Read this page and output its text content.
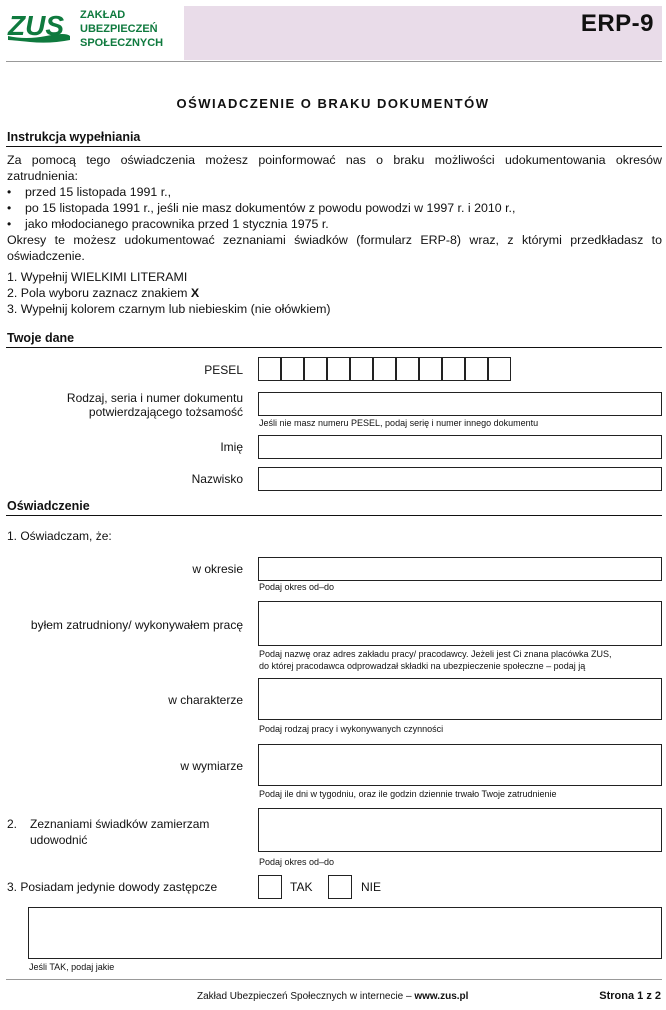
ZUS ZAKŁAD
UBEZPIECZEŃ
SPOŁECZNYCH
ERP-9
OŚWIADCZENIE O BRAKU DOKUMENTÓW
Instrukcja wypełniania
Za pomocą tego oświadczenia możesz poinformować nas o braku możliwości udokumentowania okresów
zatrudnienia:
• przed 15 listopada 1991 r.,
• po 15 listopada 1991 r., jeśli nie masz dokumentów z powodu powodzi w 1997 r. i 2010 r.,
• jako młodocianego pracownika przed 1 stycznia 1975 r.
Okresy te możesz udokumentować zeznaniami świadków (formularz ERP-8) wraz, z którymi przedkładasz to
oświadczenie.
1. Wypełnij WIELKIMI LITERAMI
2. Pola wyboru zaznacz znakiem X
3. Wypełnij kolorem czarnym lub niebieskim (nie ołówkiem)
Twoje dane
PESEL
Rodzaj, seria i numer dokumentu
potwierdzającego tożsamość
Jeśli nie masz numeru PESEL, podaj serię i numer innego dokumentu
Imię
Nazwisko
Oświadczenie
1. Oświadczam, że:
w okresie
Podaj okres od–do
byłem zatrudniony/ wykonywałem pracę
Podaj nazwę oraz adres zakładu pracy/ pracodawcy. Jeżeli jest Ci znana placówka ZUS,
do której pracodawca odprowadzał składki na ubezpieczenie społeczne – podaj ją
w charakterze
Podaj rodzaj pracy i wykonywanych czynności
w wymiarze
Podaj ile dni w tygodniu, oraz ile godzin dziennie trwało Twoje zatrudnienie
2. Zeznaniami świadków zamierzam
udowodnić
Podaj okres od–do
3. Posiadam jedynie dowody zastępcze	TAK	NIE
Jeśli TAK, podaj jakie
Zakład Ubezpieczeń Społecznych w internecie – www.zus.pl	Strona 1 z 2
